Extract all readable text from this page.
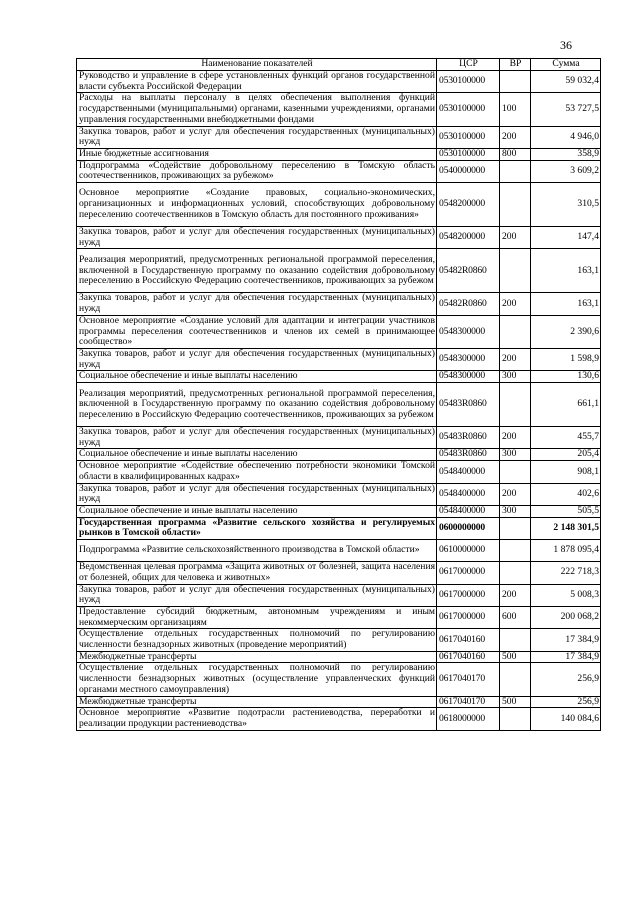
36
Наименование показателей	ЦСР	ВР	Сумма
Руководство и управление в сфере установленных функций органов государственной власти субъекта Российской Федерации	0530100000		59 032,4
Расходы на выплаты персоналу в целях обеспечения выполнения функций государственными (муниципальными) органами, казенными учреждениями, органами управления государственными внебюджетными фондами	0530100000	100	53 727,5
Закупка товаров, работ и услуг для обеспечения государственных (муниципальных) нужд	0530100000	200	4 946,0
Иные бюджетные ассигнования	0530100000	800	358,9
Подпрограмма «Содействие добровольному переселению в Томскую область соотечественников, проживающих за рубежом»	0540000000		3 609,2
Основное мероприятие «Создание правовых, социально-экономических, организационных и информационных условий, способствующих добровольному переселению соотечественников в Томскую область для постоянного проживания»	0548200000		310,5
Закупка товаров, работ и услуг для обеспечения государственных (муниципальных) нужд	0548200000	200	147,4
Реализация мероприятий, предусмотренных региональной программой переселения, включенной в Государственную программу по оказанию содействия добровольному переселению в Российскую Федерацию соотечественников, проживающих за рубежом	05482R0860		163,1
Закупка товаров, работ и услуг для обеспечения государственных (муниципальных) нужд	05482R0860	200	163,1
Основное мероприятие «Создание условий для адаптации и интеграции участников программы переселения соотечественников и членов их семей в принимающее сообщество»	0548300000		2 390,6
Закупка товаров, работ и услуг для обеспечения государственных (муниципальных) нужд	0548300000	200	1 598,9
Социальное обеспечение и иные выплаты населению	0548300000	300	130,6
Реализация мероприятий, предусмотренных региональной программой переселения, включенной в Государственную программу по оказанию содействия добровольному переселению в Российскую Федерацию соотечественников, проживающих за рубежом	05483R0860		661,1
Закупка товаров, работ и услуг для обеспечения государственных (муниципальных) нужд	05483R0860	200	455,7
Социальное обеспечение и иные выплаты населению	05483R0860	300	205,4
Основное мероприятие «Содействие обеспечению потребности экономики Томской области в квалифицированных кадрах»	0548400000		908,1
Закупка товаров, работ и услуг для обеспечения государственных (муниципальных) нужд	0548400000	200	402,6
Социальное обеспечение и иные выплаты населению	0548400000	300	505,5
Государственная программа «Развитие сельского хозяйства и регулируемых рынков в Томской области»	0600000000		2 148 301,5
Подпрограмма «Развитие сельскохозяйственного производства в Томской области»	0610000000		1 878 095,4
Ведомственная целевая программа «Защита животных от болезней, защита населения от болезней, общих для человека и животных»	0617000000		222 718,3
Закупка товаров, работ и услуг для обеспечения государственных (муниципальных) нужд	0617000000	200	5 008,3
Предоставление субсидий бюджетным, автономным учреждениям и иным некоммерческим организациям	0617000000	600	200 068,2
Осуществление отдельных государственных полномочий по регулированию численности безнадзорных животных (проведение мероприятий)	0617040160		17 384,9
Межбюджетные трансферты	0617040160	500	17 384,9
Осуществление отдельных государственных полномочий по регулированию численности безнадзорных животных (осуществление управленческих функций органами местного самоуправления)	0617040170		256,9
Межбюджетные трансферты	0617040170	500	256,9
Основное мероприятие «Развитие подотрасли растениеводства, переработки и реализации продукции растениеводства»	0618000000		140 084,6
